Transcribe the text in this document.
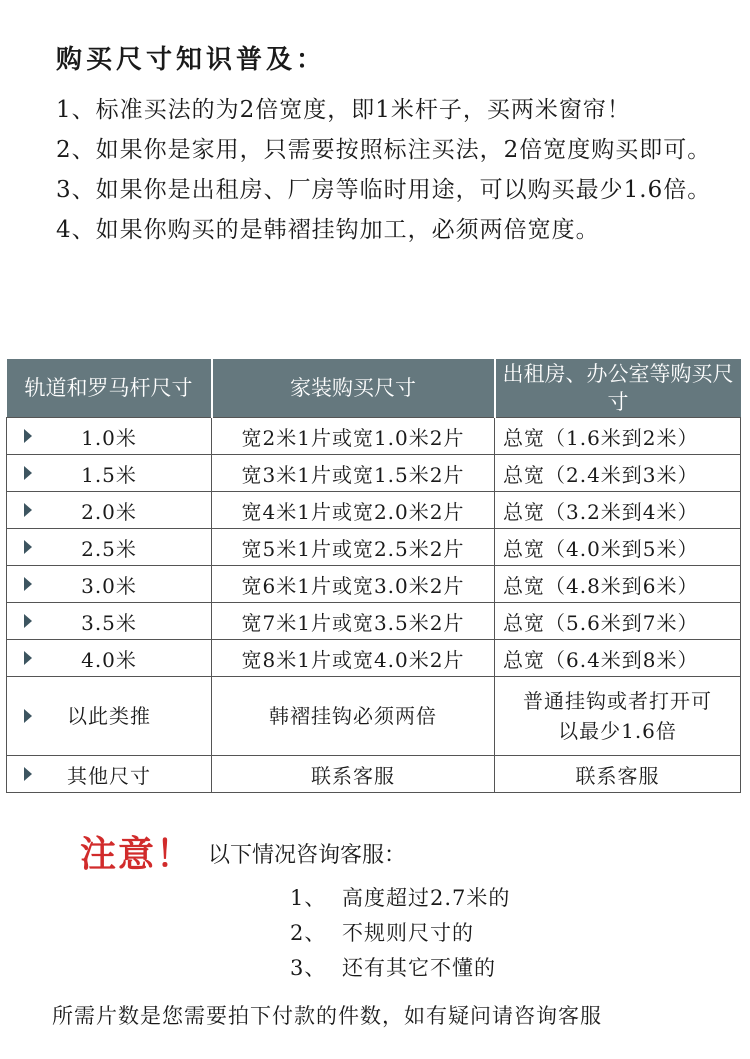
购买尺寸知识普及：

1、标准买法的为2倍宽度，即1米杆子，买两米窗帘！

2、如果你是家用，只需要按照标注买法，2倍宽度购买即可。

3、如果你是出租房、厂房等临时用途，可以购买最少1.6倍。

4、如果你购买的是韩褶挂钩加工，必须两倍宽度。

轨道和罗马杆尺寸	家装购买尺寸	出租房、办公室等购买尺寸

1.0米	宽2米1片或宽1.0米2片	总宽（1.6米到2米）

1.5米	宽3米1片或宽1.5米2片	总宽（2.4米到3米）

2.0米	宽4米1片或宽2.0米2片	总宽（3.2米到4米）

2.5米	宽5米1片或宽2.5米2片	总宽（4.0米到5米）

3.0米	宽6米1片或宽3.0米2片	总宽（4.8米到6米）

3.5米	宽7米1片或宽3.5米2片	总宽（5.6米到7米）

4.0米	宽8米1片或宽4.0米2片	总宽（6.4米到8米）

以此类推	韩褶挂钩必须两倍	普通挂钩或者打开可以最少1.6倍

其他尺寸	联系客服	联系客服
注意！ 以下情况咨询客服：
1、 高度超过2.7米的
2、 不规则尺寸的
3、 还有其它不懂的
所需片数是您需要拍下付款的件数，如有疑问请咨询客服
